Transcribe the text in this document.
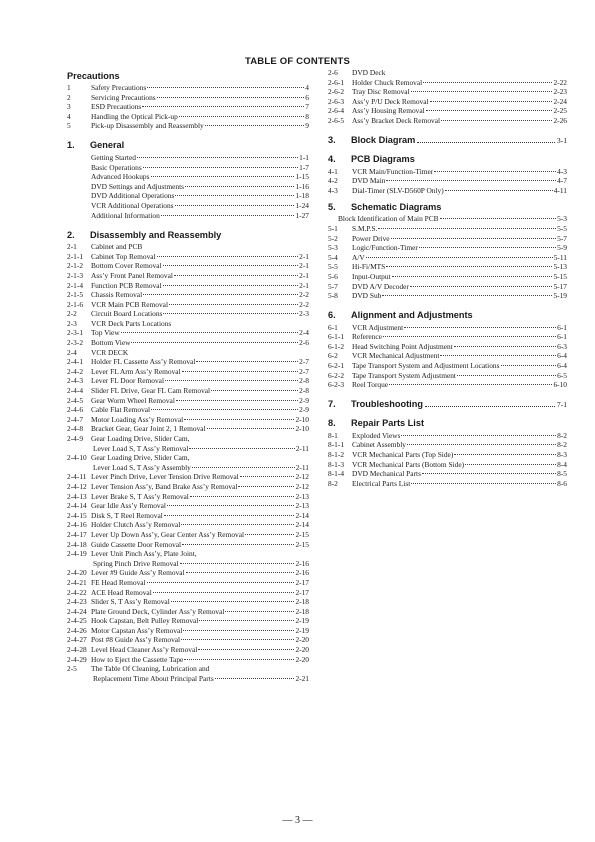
TABLE OF CONTENTS
Precautions
1	Safety Precautions	4
2	Servicing Precautions	6
3	ESD Precautions	7
4	Handling the Optical Pick-up	8
5	Pick-up Disassembly and Reassembly	9
1.	General
Getting Started	1-1
Basic Operations	1-7
Advanced Hookups	1-15
DVD Settings and Adjustments	1-16
DVD Additional Operations	1-18
VCR Additional Operations	1-24
Additional Information	1-27
2.	Disassembly and Reassembly
2-1	Cabinet and PCB
2-1-1	Cabinet Top Removal	2-1
2-1-2	Bottom Cover Removal	2-1
2-1-3	Ass’y Front Panel Removal	2-1
2-1-4	Function PCB Removal	2-1
2-1-5	Chassis Removal	2-2
2-1-6	VCR Main PCB Removal	2-2
2-2	Circuit Board Locations	2-3
2-3	VCR Deck Parts Locations
2-3-1	Top View	2-4
2-3-2	Bottom View	2-6
2-4	VCR DECK
2-4-1	Holder FL Cassette Ass’y Removal	2-7
2-4-2	Lever FL Arm Ass’y Removal	2-7
2-4-3	Lever FL Door Removal	2-8
2-4-4	Slider FL Drive, Gear FL Cam Removal	2-8
2-4-5	Gear Worm Wheel Removal	2-9
2-4-6	Cable Flat Removal	2-9
2-4-7	Motor Loading Ass’y Removal	2-10
2-4-8	Bracket Gear, Gear Joint 2, 1 Removal	2-10
2-4-9	Gear Loading Drive, Slider Cam,
Lever Load S, T Ass’y Removal	2-11
2-4-10 Gear Loading Drive, Slider Cam,
Lever Load S, T Ass’y Assembly	2-11
2-4-11 Lever Pinch Drive, Lever Tension Drive Removal	2-12
2-4-12 Lever Tension Ass’y, Band Brake Ass’y Removal	2-12
2-4-13 Lever Brake S, T Ass’y Removal	2-13
2-4-14 Gear Idle Ass’y Removal	2-13
2-4-15 Disk S, T Reel Removal	2-14
2-4-16 Holder Clutch Ass’y Removal	2-14
2-4-17 Lever Up Down Ass’y, Gear Center Ass’y Removal	2-15
2-4-18 Guide Cassette Door Removal	2-15
2-4-19 Lever Unit Pinch Ass’y, Plate Joint,
Spring Pinch Drive Removal	2-16
2-4-20 Lever #9 Guide Ass’y Removal	2-16
2-4-21 FE Head Removal	2-17
2-4-22 ACE Head Removal	2-17
2-4-23 Slider S, T Ass’y Removal	2-18
2-4-24 Plate Ground Deck, Cylinder Ass’y Removal	2-18
2-4-25 Hook Capstan, Belt Pulley Removal	2-19
2-4-26 Motor Capstan Ass’y Removal	2-19
2-4-27 Post #8 Guide Ass’y Removal	2-20
2-4-28 Level Head Cleaner Ass’y Removal	2-20
2-4-29 How to Eject the Cassette Tape	2-20
2-5	The Table Of Cleaning, Lubrication and
Replacement Time About Principal Parts	2-21
2-6	DVD Deck
2-6-1	Holder Chuck Removal	2-22
2-6-2	Tray Disc Removal	2-23
2-6-3	Ass’y P/U Deck Removal	2-24
2-6-4	Ass’y Housing Removal	2-25
2-6-5	Ass’y Bracket Deck Removal	2-26
3.	Block Diagram	3-1
4.	PCB Diagrams
4-1	VCR Main/Function-Timer	4-3
4-2	DVD Main	4-7
4-3	Dial-Timer (SLV-D560P Only)	4-11
5.	Schematic Diagrams
Block Identification of Main PCB	5-3
5-1	S.M.P.S.	5-5
5-2	Power Drive	5-7
5-3	Logic/Function-Timer	5-9
5-4	A/V	5-11
5-5	Hi-Fi/MTS	5-13
5-6	Input-Output	5-15
5-7	DVD A/V Decoder	5-17
5-8	DVD Sub	5-19
6.	Alignment and Adjustments
6-1	VCR Adjustment	6-1
6-1-1	Reference	6-1
6-1-2	Head Switching Point Adjustment	6-3
6-2	VCR Mechanical Adjustment	6-4
6-2-1	Tape Transport System and Adjustment Locations	6-4
6-2-2	Tape Transport System Adjustment	6-5
6-2-3	Reel Torque	6-10
7.	Troubleshooting	7-1
8.	Repair Parts List
8-1	Exploded Views	8-2
8-1-1	Cabinet Assembly	8-2
8-1-2	VCR Mechanical Parts (Top Side)	8-3
8-1-3	VCR Mechanical Parts (Bottom Side)	8-4
8-1-4	DVD Mechanical Parts	8-5
8-2	Electrical Parts List	8-6
— 3 —
